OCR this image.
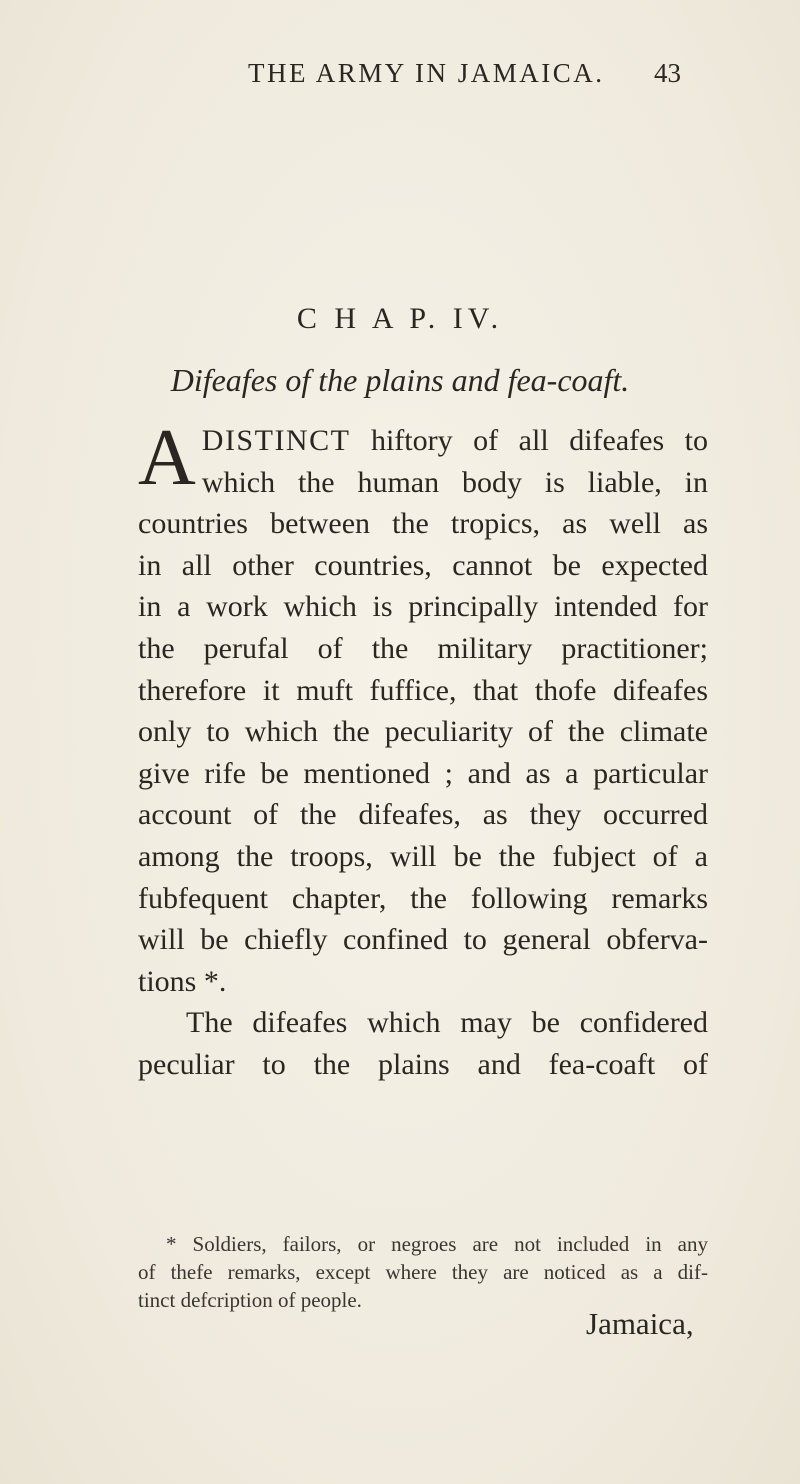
THE ARMY IN JAMAICA. 43
C H A P. IV.
Difeafes of the plains and fea-coaft.
A DISTINCT hiftory of all difeafes to
which the human body is liable, in
countries between the tropics, as well as
in all other countries, cannot be expected
in a work which is principally intended for
the perufal of the military practitioner;
therefore it muft fuffice, that thofe difeafes
only to which the peculiarity of the climate
give rife be mentioned ; and as a particular
account of the difeafes, as they occurred
among the troops, will be the fubject of a
fubfequent chapter, the following remarks
will be chiefly confined to general obferva-
tions *.
The difeafes which may be confidered
peculiar to the plains and fea-coaft of
* Soldiers, failors, or negroes are not included in any
of thefe remarks, except where they are noticed as a dif-
tinct defcription of people.
Jamaica,
